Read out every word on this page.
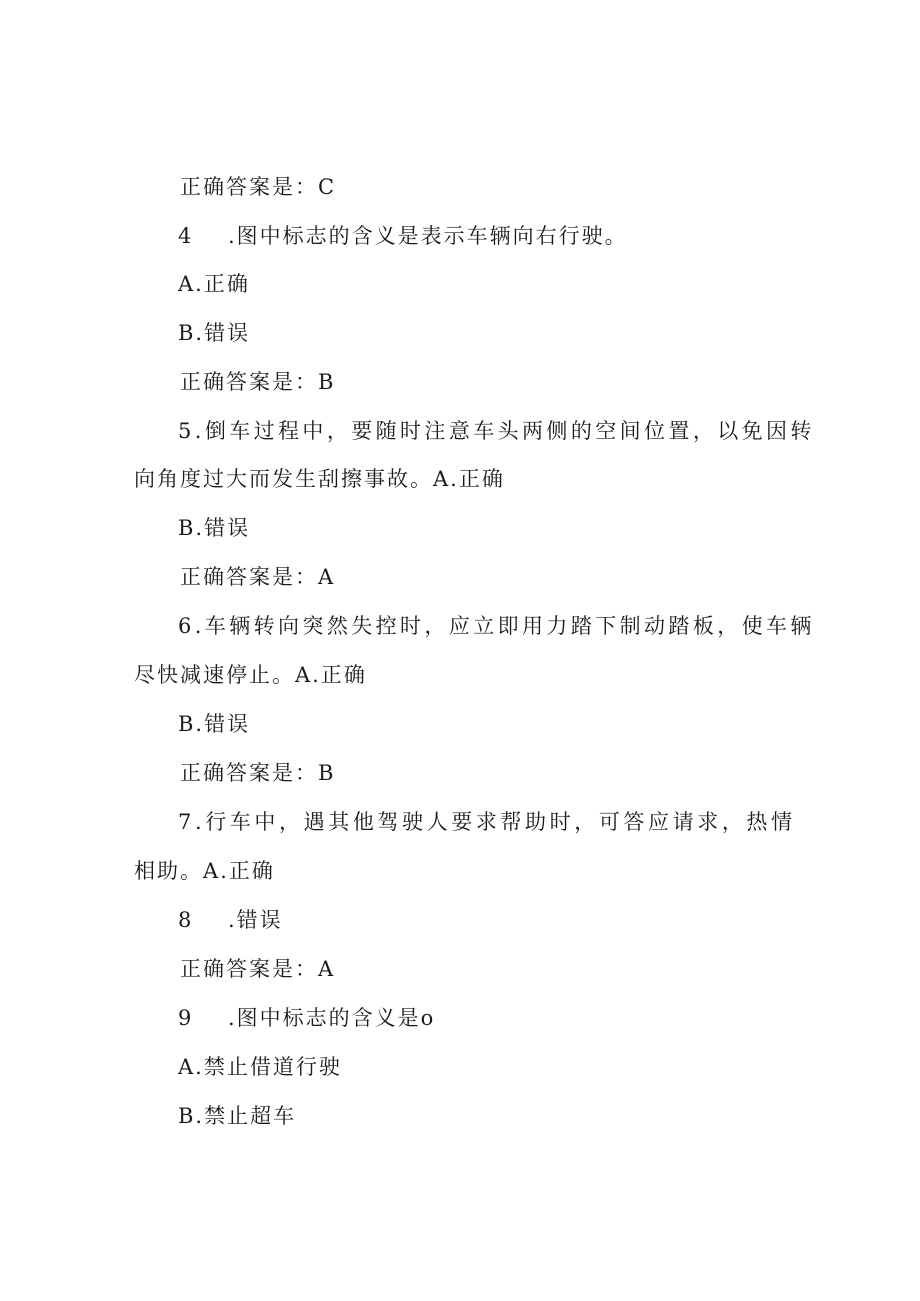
正确答案是：C
4 .图中标志的含义是表示车辆向右行驶。
A.正确
B.错误
正确答案是：B
5.倒车过程中，要随时注意车头两侧的空间位置，以免因转
向角度过大而发生刮擦事故。A.正确
B.错误
正确答案是：A
6.车辆转向突然失控时，应立即用力踏下制动踏板，使车辆
尽快减速停止。A.正确
B.错误
正确答案是：B
7.行车中，遇其他驾驶人要求帮助时，可答应请求，热情
相助。A.正确
8 .错误
正确答案是：A
9 .图中标志的含义是o
A.禁止借道行驶
B.禁止超车
